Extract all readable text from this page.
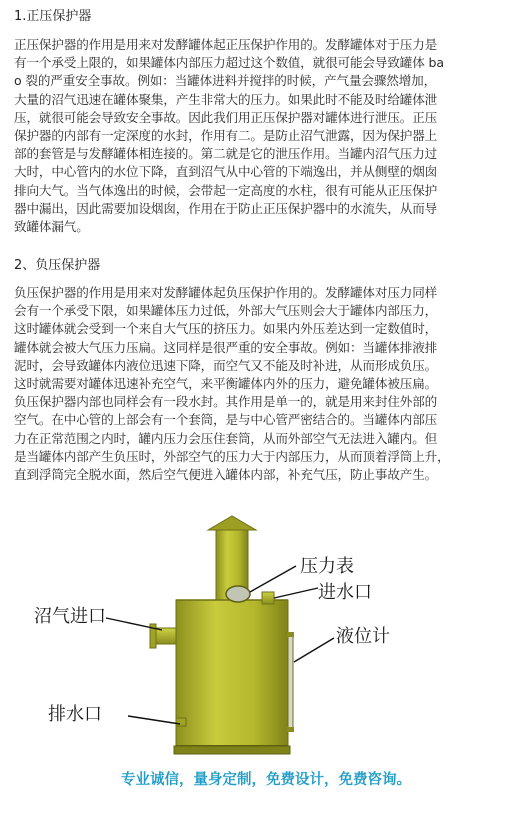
1.正压保护器
正压保护器的作用是用来对发酵罐体起正压保护作用的。发酵罐体对于压力是
有一个承受上限的，如果罐体内部压力超过这个数值，就很可能会导致罐体 ba
o 裂的严重安全事故。例如：当罐体进料并搅拌的时候，产气量会骤然增加，
大量的沼气迅速在罐体聚集，产生非常大的压力。如果此时不能及时给罐体泄
压，就很可能会导致安全事故。因此我们用正压保护器对罐体进行泄压。正压
保护器的内部有一定深度的水封，作用有二。是防止沼气泄露，因为保护器上
部的套管是与发酵罐体相连接的。第二就是它的泄压作用。当罐内沼气压力过
大时，中心管内的水位下降，直到沼气从中心管的下端逸出，并从侧壁的烟囱
排向大气。当气体逸出的时候，会带起一定高度的水柱，很有可能从正压保护
器中漏出，因此需要加设烟囱，作用在于防止正压保护器中的水流失，从而导
致罐体漏气。
2、负压保护器
负压保护器的作用是用来对发酵罐体起负压保护作用的。发酵罐体对压力同样
会有一个承受下限，如果罐体压力过低，外部大气压则会大于罐体内部压力，
这时罐体就会受到一个来自大气压的挤压力。如果内外压差达到一定数值时，
罐体就会被大气压力压扁。这同样是很严重的安全事故。例如：当罐体排液排
泥时，会导致罐体内液位迅速下降，而空气又不能及时补进，从而形成负压。
这时就需要对罐体迅速补充空气，来平衡罐体内外的压力，避免罐体被压扁。
负压保护器内部也同样会有一段水封。其作用是单一的，就是用来封住外部的
空气。在中心管的上部会有一个套筒，是与中心管严密结合的。当罐体内部压
力在正常范围之内时，罐内压力会压住套筒，从而外部空气无法进入罐内。但
是当罐体内部产生负压时，外部空气的压力大于内部压力，从而顶着浮筒上升，
直到浮筒完全脱水面，然后空气便进入罐体内部，补充气压，防止事故产生。
压力表
进水口
沼气进口
液位计
排水口
专业诚信，量身定制，免费设计，免费咨询。
